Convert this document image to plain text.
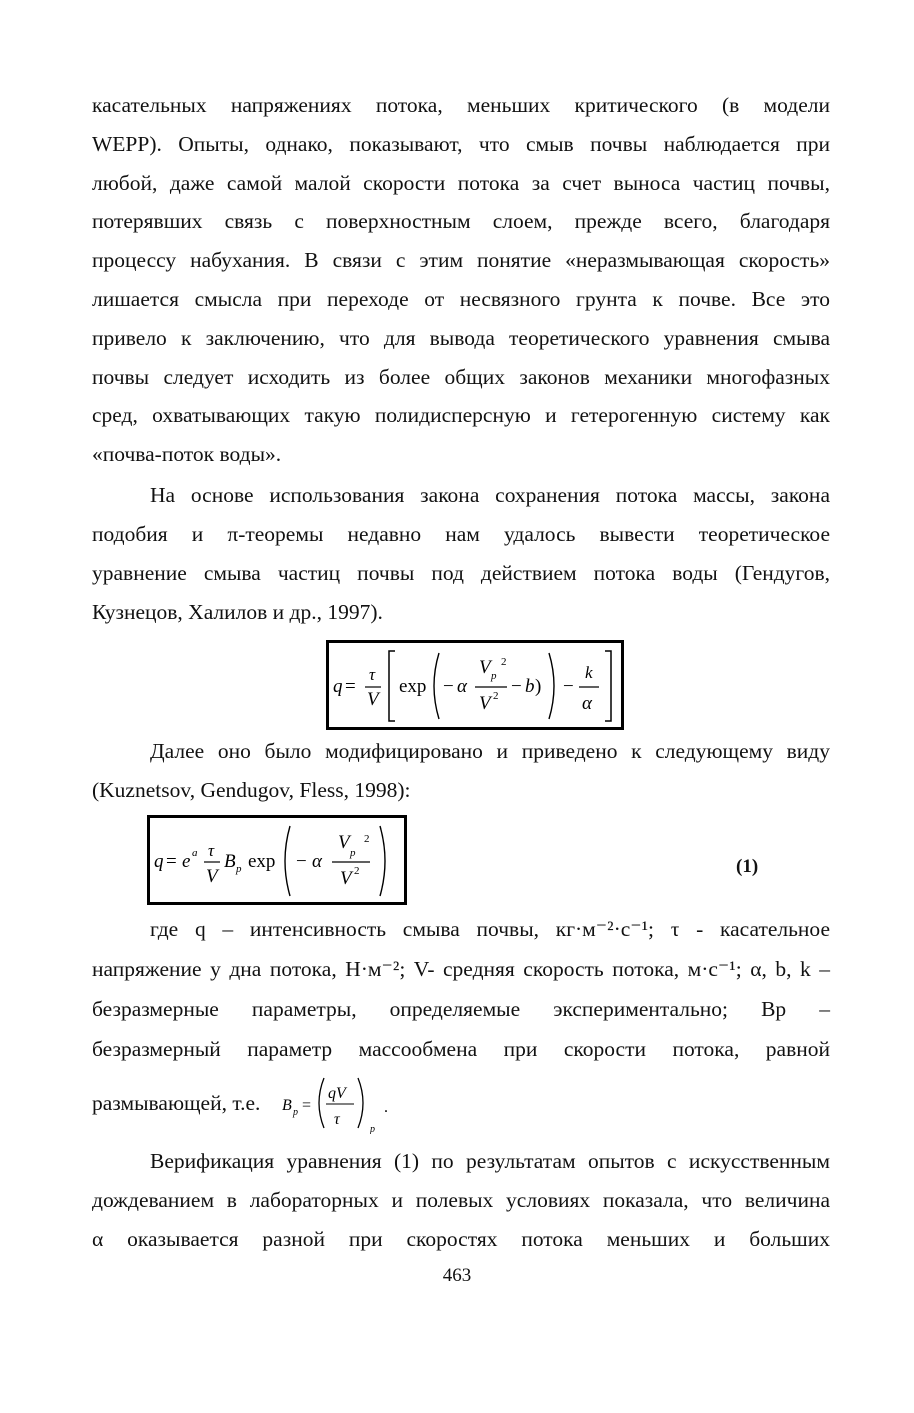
касательных напряжениях потока, меньших критического (в модели
WEPP). Опыты, однако, показывают, что смыв почвы наблюдается при
любой, даже самой малой скорости потока за счет выноса частиц почвы,
потерявших связь с поверхностным слоем, прежде всего, благодаря
процессу набухания. В связи с этим понятие «неразмывающая скорость»
лишается смысла при переходе от несвязного грунта к почве. Все это
привело к заключению, что для вывода теоретического уравнения смыва
почвы следует исходить из более общих законов механики многофазных
сред, охватывающих такую полидисперсную и гетерогенную систему как
«почва-поток воды».
На основе использования закона сохранения потока массы, закона
подобия и π-теоремы недавно нам удалось вывести теоретическое
уравнение смыва частиц почвы под действием потока воды (Гендугов,
Кузнецов, Халилов и др., 1997).
q =
τ
V
exp − α
V p
2
V 2 − b ) −
k
α
Далее оно было модифицировано и приведено к следующему виду
(Kuznetsov, Gendugov, Fless, 1998):
q = e a τ
V
B p exp − α
V p
2
V 2	(1)
где q – интенсивность смыва почвы, кг·м⁻²·с⁻¹; τ - касательное
напряжение у дна потока, Н·м⁻²; V- средняя скорость потока, м·с⁻¹; α, b, k –
безразмерные параметры, определяемые экспериментально; Bp –
безразмерный параметр массообмена при скорости потока, равной
размывающей, т.е. B p =
qV
τ
p
.
Верификация уравнения (1) по результатам опытов с искусственным
дождеванием в лабораторных и полевых условиях показала, что величина
α оказывается разной при скоростях потока меньших и больших
463
